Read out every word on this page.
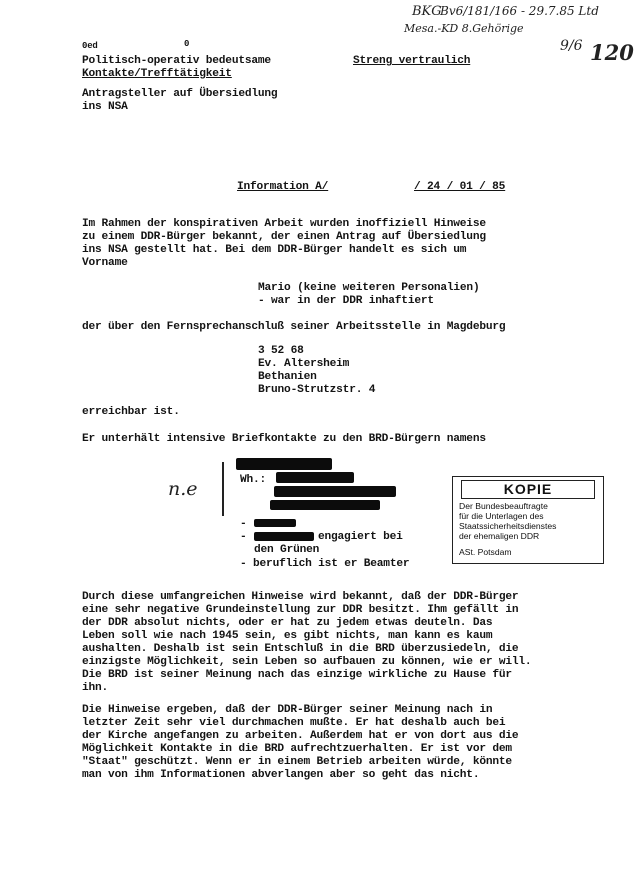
BKG
Bv6/181/166 - 29.7.85 Ltd
Mesa.-KD 8.Gehörige
120
9/6
0ed	0
Politisch-operativ bedeutsame
Kontakte/Trefftätigkeit
Streng vertraulich
Antragsteller auf Übersiedlung
ins NSA
Information A/	/ 24 / 01 / 85
Im Rahmen der konspirativen Arbeit wurden inoffiziell Hinweise
zu einem DDR-Bürger bekannt, der einen Antrag auf Übersiedlung
ins NSA gestellt hat. Bei dem DDR-Bürger handelt es sich um
Vorname
Mario (keine weiteren Personalien)
- war in der DDR inhaftiert
der über den Fernsprechanschluß seiner Arbeitsstelle in Magdeburg
3 52 68
Ev. Altersheim
Bethanien
Bruno-Strutzstr. 4
erreichbar ist.
Er unterhält intensive Briefkontakte zu den BRD-Bürgern namens
n.e	Wh.:
-
-	engagiert bei
den Grünen
- beruflich ist er Beamter
KOPIE
Der Bundesbeauftragte
für die Unterlagen des
Staatssicherheitsdienstes
der ehemaligen DDR
ASt. Potsdam
Durch diese umfangreichen Hinweise wird bekannt, daß der DDR-Bürger
eine sehr negative Grundeinstellung zur DDR besitzt. Ihm gefällt in
der DDR absolut nichts, oder er hat zu jedem etwas deuteln. Das
Leben soll wie nach 1945 sein, es gibt nichts, man kann es kaum
aushalten. Deshalb ist sein Entschluß in die BRD überzusiedeln, die
einzigste Möglichkeit, sein Leben so aufbauen zu können, wie er will.
Die BRD ist seiner Meinung nach das einzige wirkliche zu Hause für
ihn.
Die Hinweise ergeben, daß der DDR-Bürger seiner Meinung nach in
letzter Zeit sehr viel durchmachen mußte. Er hat deshalb auch bei
der Kirche angefangen zu arbeiten. Außerdem hat er von dort aus die
Möglichkeit Kontakte in die BRD aufrechtzuerhalten. Er ist vor dem
"Staat" geschützt. Wenn er in einem Betrieb arbeiten würde, könnte
man von ihm Informationen abverlangen aber so geht das nicht.
